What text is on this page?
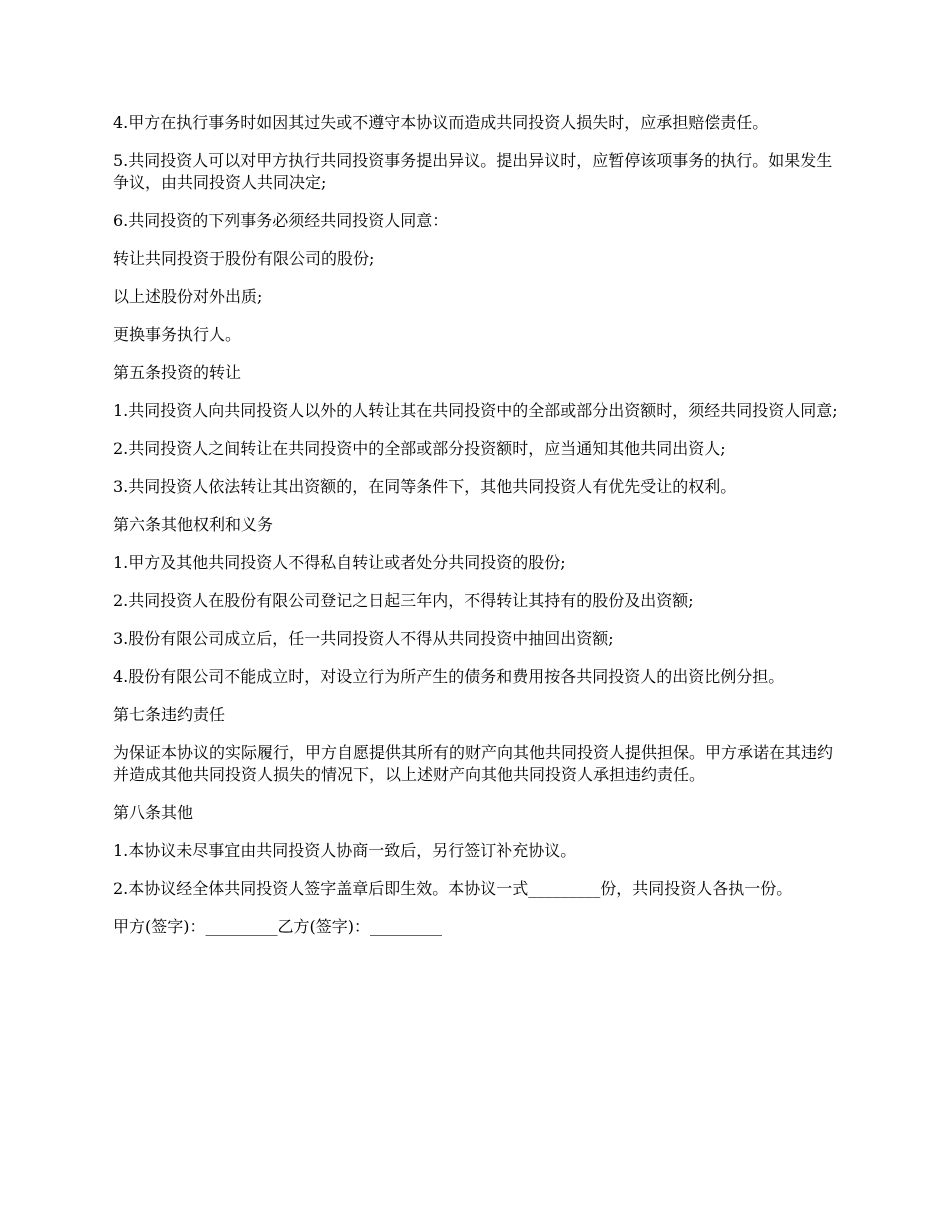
4.甲方在执行事务时如因其过失或不遵守本协议而造成共同投资人损失时，应承担赔偿责任。

5.共同投资人可以对甲方执行共同投资事务提出异议。提出异议时，应暂停该项事务的执行。如果发生争议，由共同投资人共同决定;

6.共同投资的下列事务必须经共同投资人同意：

转让共同投资于股份有限公司的股份;

以上述股份对外出质;

更换事务执行人。

第五条投资的转让

1.共同投资人向共同投资人以外的人转让其在共同投资中的全部或部分出资额时，须经共同投资人同意;

2.共同投资人之间转让在共同投资中的全部或部分投资额时，应当通知其他共同出资人;

3.共同投资人依法转让其出资额的，在同等条件下，其他共同投资人有优先受让的权利。

第六条其他权利和义务

1.甲方及其他共同投资人不得私自转让或者处分共同投资的股份;

2.共同投资人在股份有限公司登记之日起三年内，不得转让其持有的股份及出资额;

3.股份有限公司成立后，任一共同投资人不得从共同投资中抽回出资额;

4.股份有限公司不能成立时，对设立行为所产生的债务和费用按各共同投资人的出资比例分担。

第七条违约责任

为保证本协议的实际履行，甲方自愿提供其所有的财产向其他共同投资人提供担保。甲方承诺在其违约并造成其他共同投资人损失的情况下，以上述财产向其他共同投资人承担违约责任。

第八条其他

1.本协议未尽事宜由共同投资人协商一致后，另行签订补充协议。

2.本协议经全体共同投资人签字盖章后即生效。本协议一式_________份，共同投资人各执一份。

甲方(签字)：_________乙方(签字)：_________
